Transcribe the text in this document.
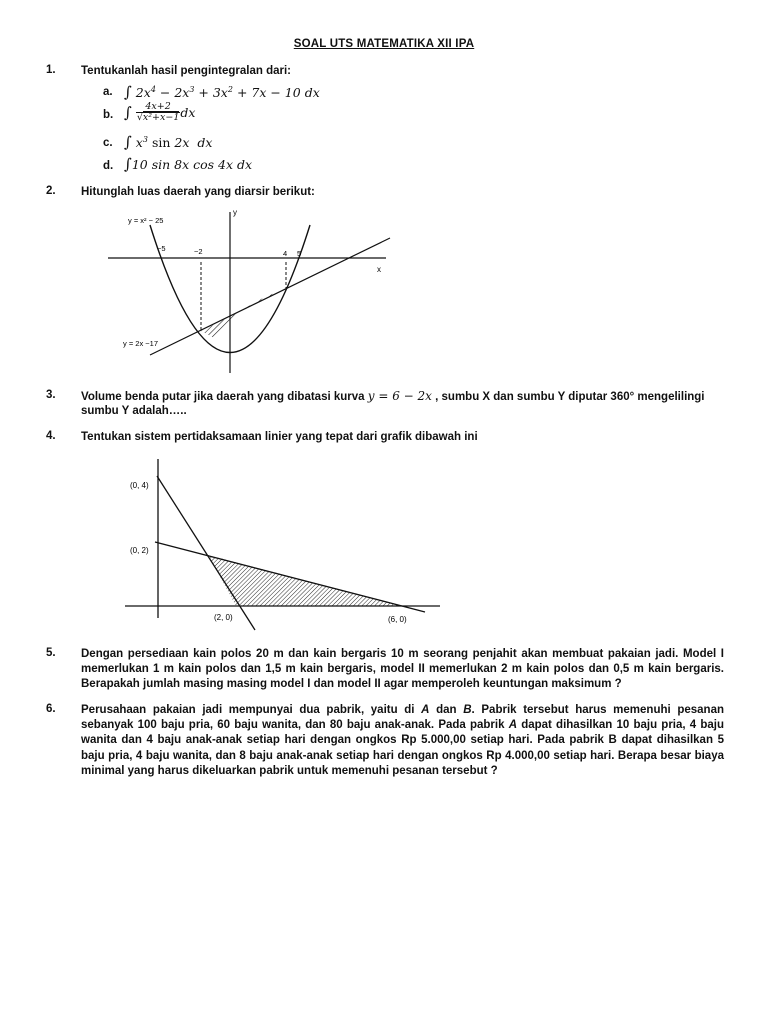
SOAL UTS MATEMATIKA XII IPA
1. Tentukanlah hasil pengintegralan dari:
a. ∫ $2x^4 - 2x^3 + 3x^2 + 7x - 10$ dx
b. ∫ $\frac{4x+2}{\text{√x²+x−1}}$ dx
c. ∫ $x^3$ sin 2x  dx
d. ∫10 sin 8x cos 4x dx
2. Hitunglah luas daerah yang diarsir berikut:
y = x² − 25
y = 2x −17
y
x
−5	−2	4 5
3. Volume benda putar jika daerah yang dibatasi kurva y = 6 − 2x , sumbu X dan sumbu Y diputar 360° mengelilingi
sumbu Y adalah…..
4. Tentukan sistem pertidaksamaan linier yang tepat dari grafik dibawah ini
(0, 4)
(0, 2)
(2, 0)	(6, 0)
5. Dengan persediaan kain polos 20 m dan kain bergaris 10 m seorang penjahit akan membuat pakaian jadi. Model I memerlukan 1 m kain polos dan 1,5 m kain bergaris, model II memerlukan 2 m kain polos dan 0,5 m kain bergaris. Berapakah jumlah masing masing model I dan model II agar memperoleh keuntungan maksimum ?
6. Perusahaan pakaian jadi mempunyai dua pabrik, yaitu di A dan B. Pabrik tersebut harus memenuhi pesanan sebanyak 100 baju pria, 60 baju wanita, dan 80 baju anak-anak. Pada pabrik A dapat dihasilkan 10 baju pria, 4 baju wanita dan 4 baju anak-anak setiap hari dengan ongkos Rp 5.000,00 setiap hari. Pada pabrik B dapat dihasilkan 5 baju pria, 4 baju wanita, dan 8 baju anak-anak setiap hari dengan ongkos Rp 4.000,00 setiap hari. Berapa besar biaya minimal yang harus dikeluarkan pabrik untuk memenuhi pesanan tersebut ?
